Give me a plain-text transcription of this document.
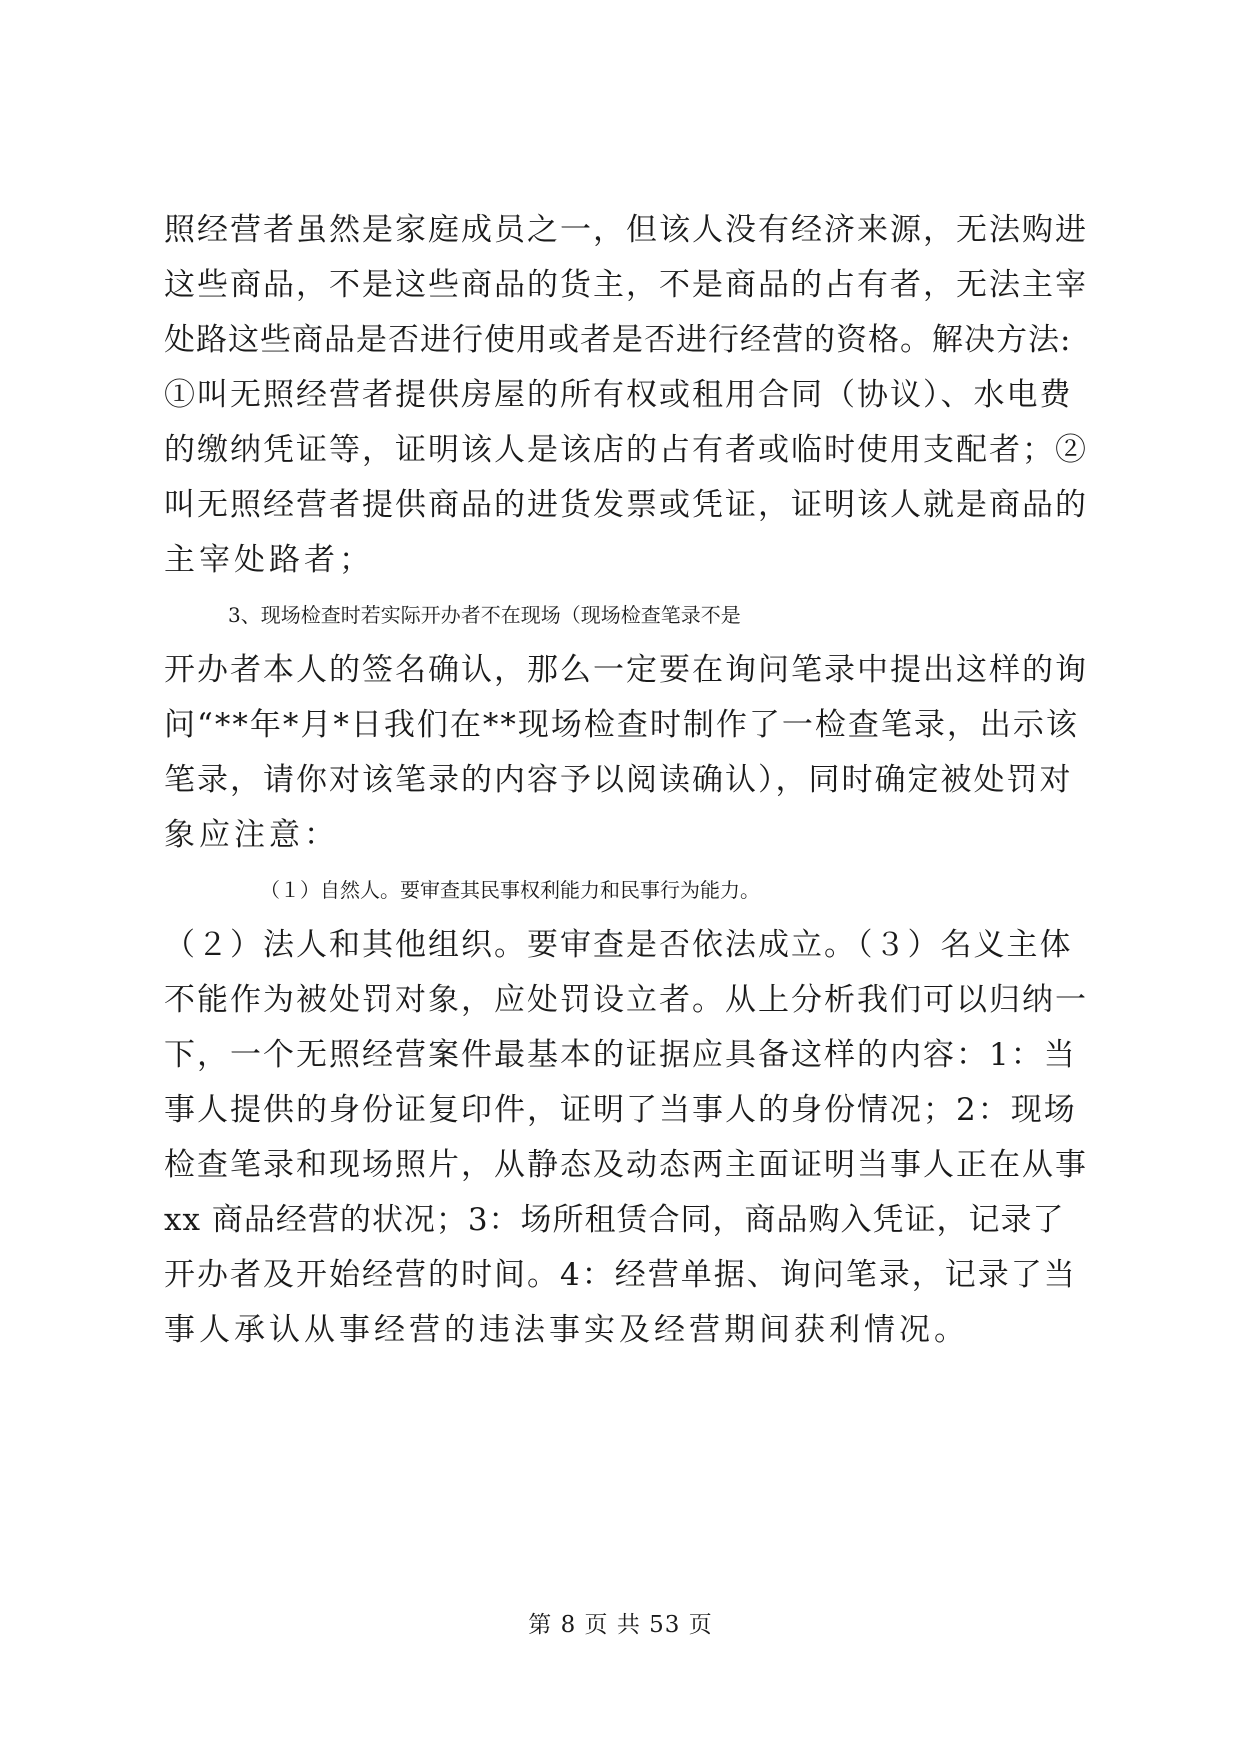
照经营者虽然是家庭成员之一，但该人没有经济来源，无法购进
这些商品，不是这些商品的货主，不是商品的占有者，无法主宰
处路这些商品是否进行使用或者是否进行经营的资格。解决方法:
①叫无照经营者提供房屋的所有权或租用合同（协议）、水电费
的缴纳凭证等，证明该人是该店的占有者或临时使用支配者；②
叫无照经营者提供商品的进货发票或凭证，证明该人就是商品的
主宰处路者；
3、现场检查时若实际开办者不在现场（现场检查笔录不是
开办者本人的签名确认，那么一定要在询问笔录中提出这样的询
问“**年*月*日我们在**现场检查时制作了一检查笔录，出示该
笔录，请你对该笔录的内容予以阅读确认），同时确定被处罚对
象应注意：
（１）自然人。要审查其民事权利能力和民事行为能力。
（２）法人和其他组织。要审查是否依法成立。（３）名义主体
不能作为被处罚对象，应处罚设立者。从上分析我们可以归纳一
下，一个无照经营案件最基本的证据应具备这样的内容：1：当
事人提供的身份证复印件，证明了当事人的身份情况；2：现场
检查笔录和现场照片，从静态及动态两主面证明当事人正在从事
xx 商品经营的状况；3：场所租赁合同，商品购入凭证，记录了
开办者及开始经营的时间。4：经营单据、询问笔录，记录了当
事人承认从事经营的违法事实及经营期间获利情况。
第 8 页 共 53 页
